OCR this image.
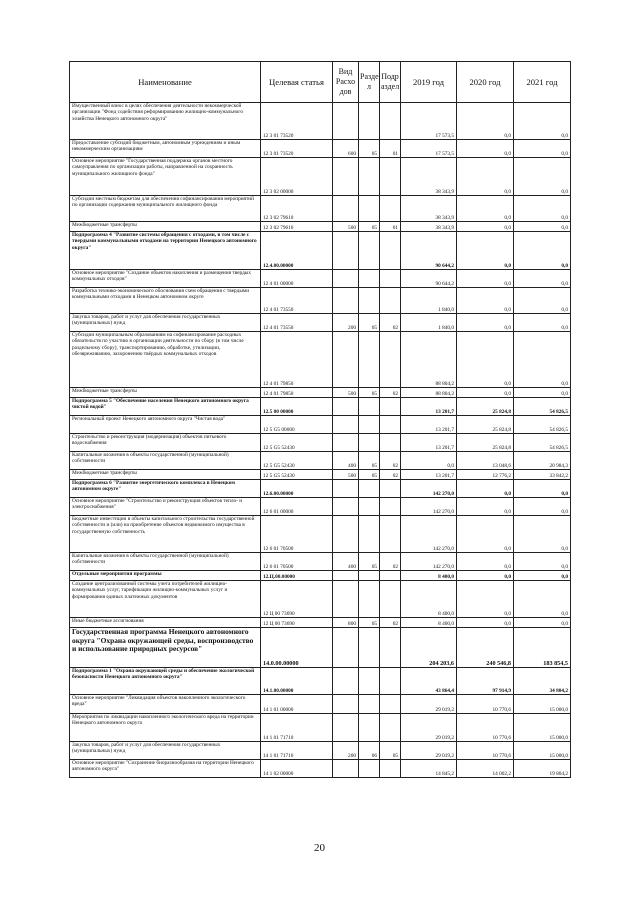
Наименование	Целевая статья	Вид Расхо дов	Разде л	Подр аздел	2019 год	2020 год	2021 год
Имущественный взнос в целях обеспечения деятельности некоммерческой организации "Фонд содействия реформированию жилищно-коммунального хозяйства Ненецкого автономного округа"	12 3 01 73520				17 573,5	0,0	0,0
Предоставление субсидий бюджетным, автономным учреждениям и иным некоммерческим организациям	12 3 01 73520	600	05	01	17 573,5	0,0	0,0
Основное мероприятие "Государственная поддержка органов местного самоуправления по организации работы, направленной на сохранность муниципального жилищного фонда"	12 3 02 00000				38 343,9	0,0	0,0
Субсидии местным бюджетам для обеспечения софинансирования мероприятий по организации содержания муниципального жилищного фонда	12 3 02 79610				38 343,9	0,0	0,0
Межбюджетные трансферты	12 3 02 79610	500	05	01	38 343,9	0,0	0,0
Подпрограмма 4 "Развитие системы обращения с отходами, в том числе с твердыми коммунальными отходами на территории Ненецкого автономного округа"	12.4.00.00000				90 644,2	0,0	0,0
Основное мероприятие "Создание объектов накопления и размещения твердых коммунальных отходов"	12 4 01 00000				90 644,2	0,0	0,0
Разработка технико-экономического обоснования схем обращения с твердыми коммунальными отходами в Ненецком автономном округе	12 4 01 73550				1 840,0	0,0	0,0
Закупка товаров, работ и услуг для обеспечения государственных (муниципальных) нужд	12 4 01 73550	200	05	02	1 840,0	0,0	0,0
Субсидии муниципальным образованиям на софинансирование расходных обязательств по участию в организации деятельности по сбору (в том числе раздельному сбору), транспортированию, обработке, утилизации, обезвреживанию, захоронению твёрдых коммунальных отходов	12 4 01 79850				88 804,2	0,0	0,0
Межбюджетные трансферты	12 4 01 79850	500	05	02	88 804,2	0,0	0,0
Подпрограмма 5 "Обеспечение населения Ненецкого автономного округа чистой водой"	12.5 00 00000				13 201,7	25 824,8	54 826,5
Региональный проект Ненецкого автономного округа "Чистая вода"	12 5 G5 00000				13 201,7	25 824,8	54 826,5
Строительство и реконструкция (модернизация) объектов питьевого водоснабжения	12 5 G5 52430				13 201,7	25 824,8	54 826,5
Капитальные вложения в объекты государственной (муниципальной) собственности	12 5 G5 52430	400	05	02	0,0	13 048,6	20 984,3
Межбюджетные трансферты	12 5 G5 52430	500	05	02	13 201,7	12 776,2	33 842,2
Подпрограмма 6 "Развитие энергетического комплекса в Ненецком автономном округе"	12.6.00.00000				142 270,0	0,0	0,0
Основное мероприятие "Строительство и реконструкция объектов тепло- и электроснабжения"	12 6 01 00000				142 270,0	0,0	0,0
Бюджетные инвестиции в объекты капитального строительства государственной собственности и (или) на приобретение объектов недвижимого имущества в государственную собственность	12 6 01 70500				142 270,0	0,0	0,0
Капитальные вложения в объекты государственной (муниципальной) собственности	12 6 01 70500	400	05	02	142 270,0	0,0	0,0
Отдельные мероприятия программы	12.Ц.00.00000				8 400,0	0,0	0,0
Создание централизованной системы учета потребителей жилищно-коммунальных услуг, тарификации жилищно-коммунальных услуг и формирования единых платежных документов	12 Ц 00 73690				8 400,0	0,0	0,0
Иные бюджетные ассигнования	12 Ц 00 73690	800	05	02	8 400,0	0,0	0,0
Государственная программа Ненецкого автономного округа "Охрана окружающей среды, воспроизводство и использование природных ресурсов"	14.0.00.00000				204 203,6	240 546,8	183 854,5
Подпрограмма 1 "Охрана окружающей среды и обеспечение экологической безопасности Ненецкого автономного округа"	14.1.00.00000				43 864,4	97 914,9	34 804,2
Основное мероприятие "Ликвидация объектов накопленного экологического вреда"	14 1 01 00000				29 019,2	10 770,6	15 000,0
Мероприятия по ликвидации накопленного экологического вреда на территории Ненецкого автономного округа	14 1 01 71710				29 019,2	10 770,6	15 000,0
Закупка товаров, работ и услуг для обеспечения государственных (муниципальных) нужд	14 1 01 71710	200	06	05	29 019,2	10 770,6	15 000,0
Основное мероприятие "Сохранение биоразнообразия на территории Ненецкого автономного округа"	14 1 02 00000				14 845,2	14 002,2	19 804,2
20
